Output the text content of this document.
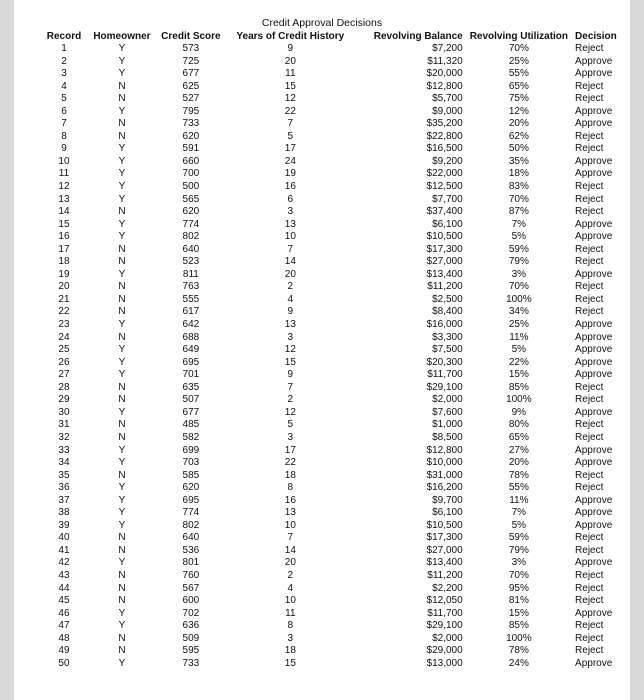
Credit Approval Decisions
Record	Homeowner	Credit Score	Years of Credit History	Revolving Balance	Revolving Utilization	Decision
1	Y	573	9	$7,200	70%	Reject
2	Y	725	20	$11,320	25%	Approve
3	Y	677	11	$20,000	55%	Approve
4	N	625	15	$12,800	65%	Reject
5	N	527	12	$5,700	75%	Reject
6	Y	795	22	$9,000	12%	Approve
7	N	733	7	$35,200	20%	Approve
8	N	620	5	$22,800	62%	Reject
9	Y	591	17	$16,500	50%	Reject
10	Y	660	24	$9,200	35%	Approve
11	Y	700	19	$22,000	18%	Approve
12	Y	500	16	$12,500	83%	Reject
13	Y	565	6	$7,700	70%	Reject
14	N	620	3	$37,400	87%	Reject
15	Y	774	13	$6,100	7%	Approve
16	Y	802	10	$10,500	5%	Approve
17	N	640	7	$17,300	59%	Reject
18	N	523	14	$27,000	79%	Reject
19	Y	811	20	$13,400	3%	Approve
20	N	763	2	$11,200	70%	Reject
21	N	555	4	$2,500	100%	Reject
22	N	617	9	$8,400	34%	Reject
23	Y	642	13	$16,000	25%	Approve
24	N	688	3	$3,300	11%	Approve
25	Y	649	12	$7,500	5%	Approve
26	Y	695	15	$20,300	22%	Approve
27	Y	701	9	$11,700	15%	Approve
28	N	635	7	$29,100	85%	Reject
29	N	507	2	$2,000	100%	Reject
30	Y	677	12	$7,600	9%	Approve
31	N	485	5	$1,000	80%	Reject
32	N	582	3	$8,500	65%	Reject
33	Y	699	17	$12,800	27%	Approve
34	Y	703	22	$10,000	20%	Approve
35	N	585	18	$31,000	78%	Reject
36	Y	620	8	$16,200	55%	Reject
37	Y	695	16	$9,700	11%	Approve
38	Y	774	13	$6,100	7%	Approve
39	Y	802	10	$10,500	5%	Approve
40	N	640	7	$17,300	59%	Reject
41	N	536	14	$27,000	79%	Reject
42	Y	801	20	$13,400	3%	Approve
43	N	760	2	$11,200	70%	Reject
44	N	567	4	$2,200	95%	Reject
45	N	600	10	$12,050	81%	Reject
46	Y	702	11	$11,700	15%	Approve
47	Y	636	8	$29,100	85%	Reject
48	N	509	3	$2,000	100%	Reject
49	N	595	18	$29,000	78%	Reject
50	Y	733	15	$13,000	24%	Approve
